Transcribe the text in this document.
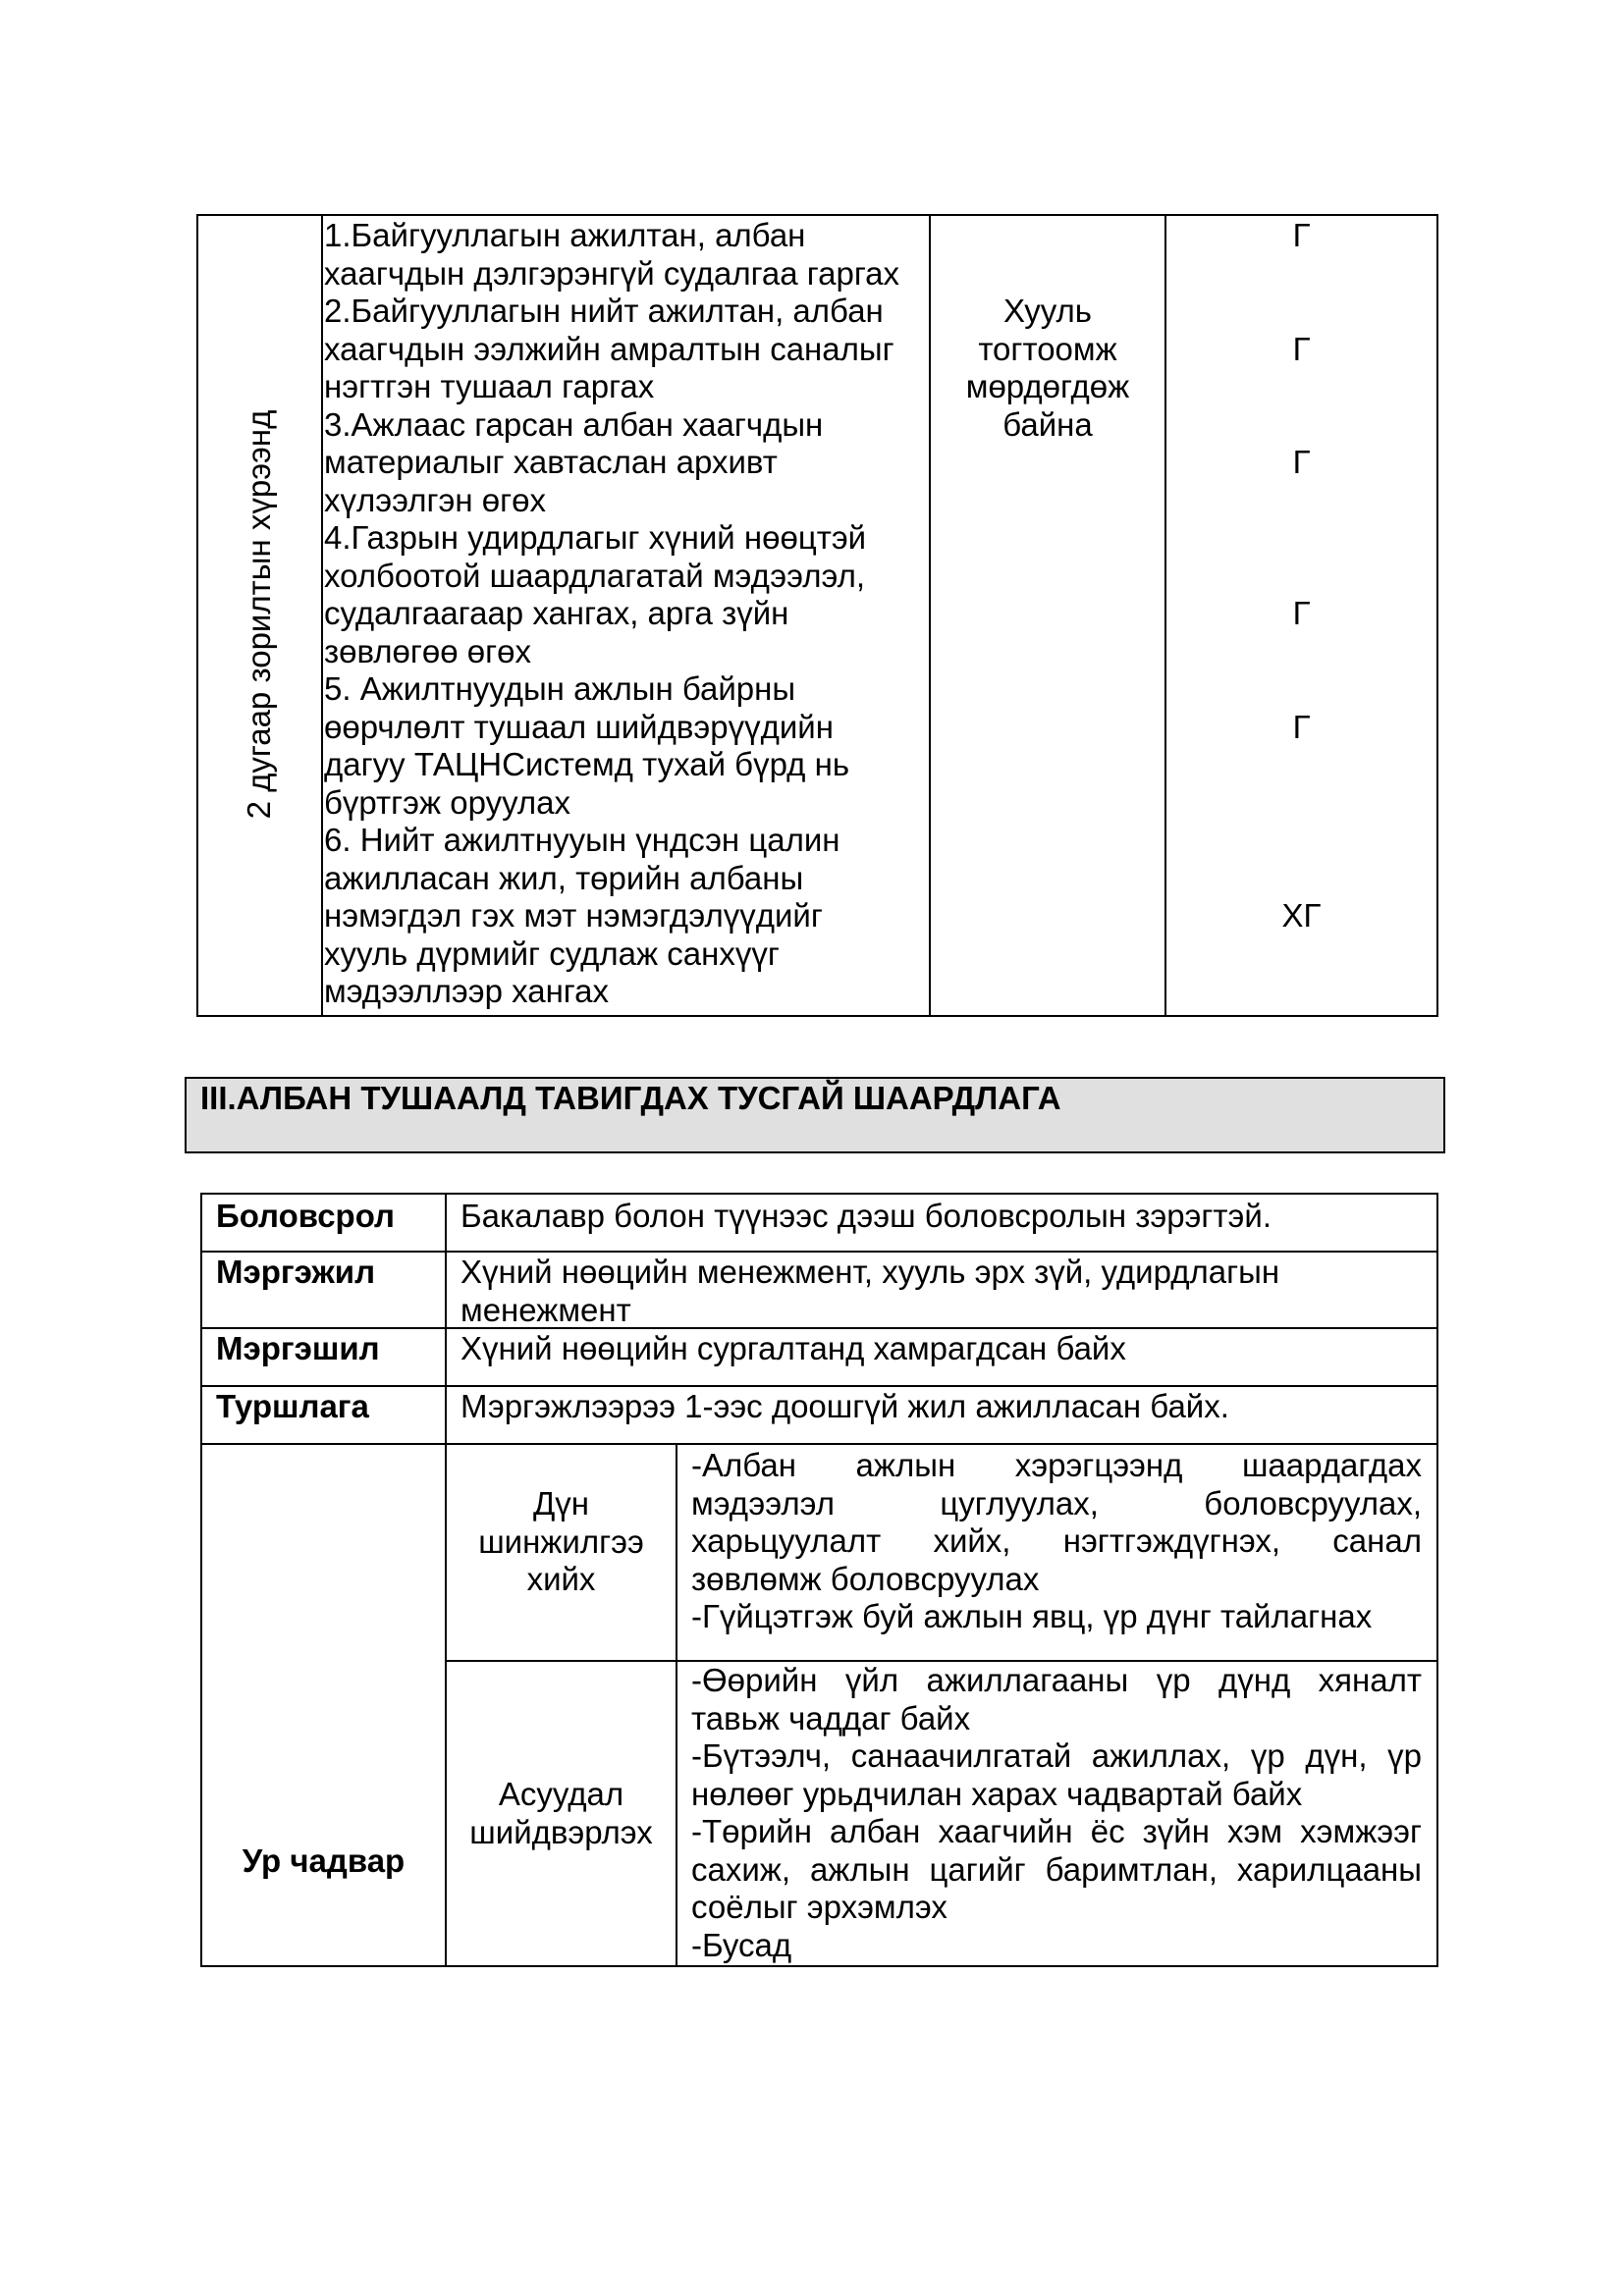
2 дугаар зорилтын хүрээнд
1.Байгууллагын ажилтан, албан
хаагчдын дэлгэрэнгүй судалгаа гаргах
2.Байгууллагын нийт ажилтан, албан
хаагчдын ээлжийн амралтын саналыг
нэгтгэн тушаал гаргах
3.Ажлаас гарсан албан хаагчдын
материалыг хавтаслан архивт
хүлээлгэн өгөх
4.Газрын удирдлагыг хүний нөөцтэй
холбоотой шаардлагатай мэдээлэл,
судалгаагаар хангах, арга зүйн
зөвлөгөө өгөх
5. Ажилтнуудын ажлын байрны
өөрчлөлт тушаал шийдвэрүүдийн
дагуу ТАЦНСистемд тухай бүрд нь
бүртгэж оруулах
6. Нийт ажилтнууын үндсэн цалин
ажилласан жил, төрийн албаны
нэмэгдэл гэх мэт нэмэгдэлүүдийг
хууль дүрмийг судлаж санхүүг
мэдээллээр хангах
Хууль
тогтоомж
мөрдөгдөж
байна
Г
Г
Г
Г
Г
ХГ
III.АЛБАН ТУШААЛД ТАВИГДАХ ТУСГАЙ ШААРДЛАГА
Боловсрол Бакалавр болон түүнээс дээш боловсролын зэрэгтэй.
Мэргэжил	Хүний нөөцийн менежмент, хууль эрх зүй, удирдлагын
менежмент
Мэргэшил Хүний нөөцийн сургалтанд хамрагдсан байх
Туршлага	Мэргэжлээрээ 1-ээс доошгүй жил ажилласан байх.
Ур чадвар
Дүн
шинжилгээ
хийх
-Албан ажлын хэрэгцээнд шаардагдах
мэдээлэл цуглуулах, боловсруулах,
харьцуулалт хийх, нэгтгэждүгнэх, санал
зөвлөмж боловсруулах
-Гүйцэтгэж буй ажлын явц, үр дүнг тайлагнах
Асуудал
шийдвэрлэх
-Өөрийн үйл ажиллагааны үр дүнд хяналт
тавьж чаддаг байх
-Бүтээлч, санаачилгатай ажиллах, үр дүн, үр
нөлөөг урьдчилан харах чадвартай байх
-Төрийн албан хаагчийн ёс зүйн хэм хэмжээг
сахиж, ажлын цагийг баримтлан, харилцааны
соёлыг эрхэмлэх
-Бусад
